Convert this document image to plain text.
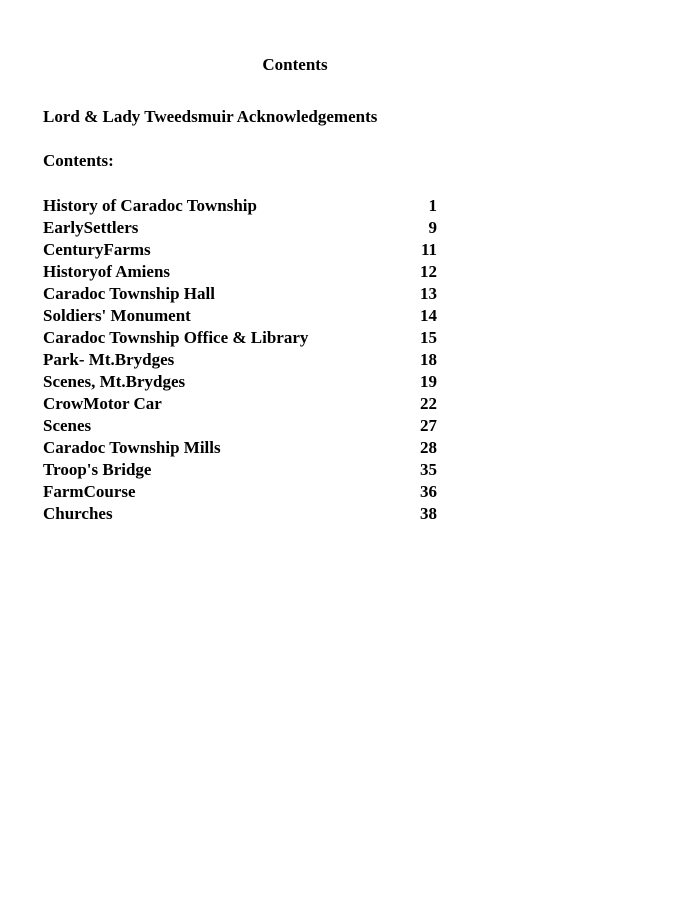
Contents
Lord & Lady Tweedsmuir Acknowledgements
Contents:
History of Caradoc Township	1
EarlySettlers	9
CenturyFarms	11
Historyof Amiens	12
Caradoc Township Hall	13
Soldiers' Monument	14
Caradoc Township Office & Library	15
Park- Mt.Brydges	18
Scenes, Mt.Brydges	19
CrowMotor Car	22
Scenes	27
Caradoc Township Mills	28
Troop's Bridge	35
FarmCourse	36
Churches	38
